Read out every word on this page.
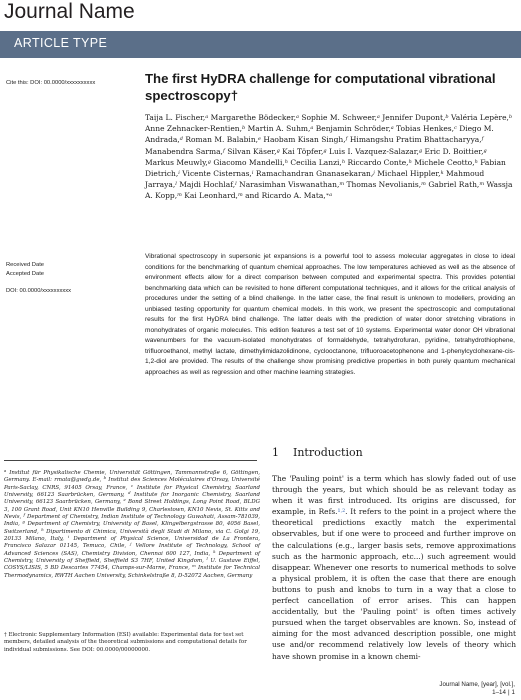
Journal Name
ARTICLE TYPE
Cite this: DOI: 00.0000/xxxxxxxxxx	The first HyDRA challenge for computational vibrational spectroscopy†
Taija L. Fischer,$^a$ Margarethe Bödecker,$^a$ Sophie M. Schweer,$^a$ Jennifer Dupont,$^b$ Valéria Lepère,$^b$ Anne Zehnacker-Rentien,$^b$ Martin A. Suhm,$^a$ Benjamin Schröder,$^a$ Tobias Henkes,$^c$ Diego M. Andrada,$^d$ Roman M. Balabin,$^e$ Haobam Kisan Singh,$^f$ Himangshu Pratim Bhattacharyya,$^f$ Manabendra Sarma,$^f$ Silvan Käser,$^g$ Kai Töpfer,$^g$ Luis I. Vazquez-Salazar,$^g$ Eric D. Boittier,$^g$ Markus Meuwly,$^g$ Giacomo Mandelli,$^h$ Cecilia Lanzi,$^h$ Riccardo Conte,$^h$ Michele Ceotto,$^h$ Fabian Dietrich,$^i$ Vicente Cisternas,$^i$ Ramachandran Gnanasekaran,$^j$ Michael Hippler,$^k$ Mahmoud Jarraya,$^l$ Majdi Hochlaf,$^l$ Narasimhan Viswanathan,$^m$ Thomas Nevolianis,$^m$ Gabriel Rath,$^m$ Wassja A. Kopp,$^m$ Kai Leonhard,$^m$ and Ricardo A. Mata,$^{∗a}$
Received Date
Accepted Date
DOI: 00.0000/xxxxxxxxxx
Vibrational spectroscopy in supersonic jet expansions is a powerful tool to assess molecular aggregates in close to ideal conditions for the benchmarking of quantum chemical approaches. The low temperatures achieved as well as the absence of environment effects allow for a direct comparison between computed and experimental spectra. This provides potential benchmarking data which can be revisited to hone different computational techniques, and it allows for the critical analysis of procedures under the setting of a blind challenge. In the latter case, the final result is unknown to modellers, providing an unbiased testing opportunity for quantum chemical models. In this work, we present the spectroscopic and computational results for the first HyDRA blind challenge. The latter deals with the prediction of water donor stretching vibrations in monohydrates of organic molecules. This edition features a test set of 10 systems. Experimental water donor OH vibrational wavenumbers for the vacuum-isolated monohydrates of formaldehyde, tetrahydrofuran, pyridine, tetrahydrothiophene, trifluoroethanol, methyl lactate, dimethylimidazolidinone, cyclooctanone, trifluoroacetophenone and 1-phenylcyclohexane-cis-1,2-diol are provided. The results of the challenge show promising predictive properties in both purely quantum mechanical approaches as well as regression and other machine learning strategies.
1 Introduction
$^a$ Institut für Physikalische Chemie, Universität Göttingen, Tammannstraße 6, Göttingen, Germany. E-mail: rmata@gwdg.de, $^b$ Institut des Sciences Moléculaires d'Orsay, Université Paris-Saclay, CNRS, 91405 Orsay, France, $^c$ Institute for Physical Chemistry, Saarland University, 66123 Saarbrücken, Germany, $^d$ Institute for Inorganic Chemistry, Saarland University, 66123 Saarbrücken, Germany, $^e$ Bond Street Holdings, Long Point Road, BLDG 3, 100 Grant Road, Unit KN10 Henville Building 9, Charlestown, KN10 Nevis, St. Kitts and Nevis, $^f$ Department of Chemistry, Indian Institute of Technology Guwahati, Assam-781039, India, $^g$ Department of Chemistry, University of Basel, Klingelbergstrasse 80, 4056 Basel, Switzerland, $^h$ Dipartimento di Chimica, Università degli Studi di Milano, via C. Golgi 19, 20133 Milano, Italy, $^i$ Department of Physical Science, Universidad de La Frontera, Francisco Salazar 01145, Temuco, Chile, $^j$ Vellore Institute of Technology, School of Advanced Sciences (SAS), Chemistry Division, Chennai 600 127, India, $^k$ Department of Chemistry, University of Sheffield, Sheffield S3 7HF, United Kingdom, $^l$ U. Gustave Eiffel, COSYS/LISIS, 5 BD Descartes 77454, Champs-sur-Marne, France, $^m$ Institute for Technical Thermodynamics, RWTH Aachen University, Schinkelstraße 8, D-52072 Aachen, Germany
† Electronic Supplementary Information (ESI) available: Experimental data for test set members, detailed analysis of the theoretical submissions and computational details for individual submissions. See DOI: 00.0000/00000000.
The 'Pauling point' is a term which has slowly faded out of use through the years, but which should be as relevant today as when it was first introduced. Its origins are discussed, for example, in Refs.$^{1,2}$. It refers to the point in a project where the theoretical predictions exactly match the experimental observables, but if one were to proceed and further improve on the calculations (e.g., larger basis sets, remove approximations such as the harmonic approach, etc...) such agreement would disappear. Whenever one resorts to numerical methods to solve a physical problem, it is often the case that there are enough buttons to push and knobs to turn in a way that a close to perfect cancellation of error arises. This can happen accidentally, but the 'Pauling point' is often times actively pursued when the target observables are known. So, instead of aiming for the most advanced description possible, one might use and/or recommend relatively low levels of theory which have shown promise in a known chemi-
Journal Name, [year], [vol.],
1–14 | 1
